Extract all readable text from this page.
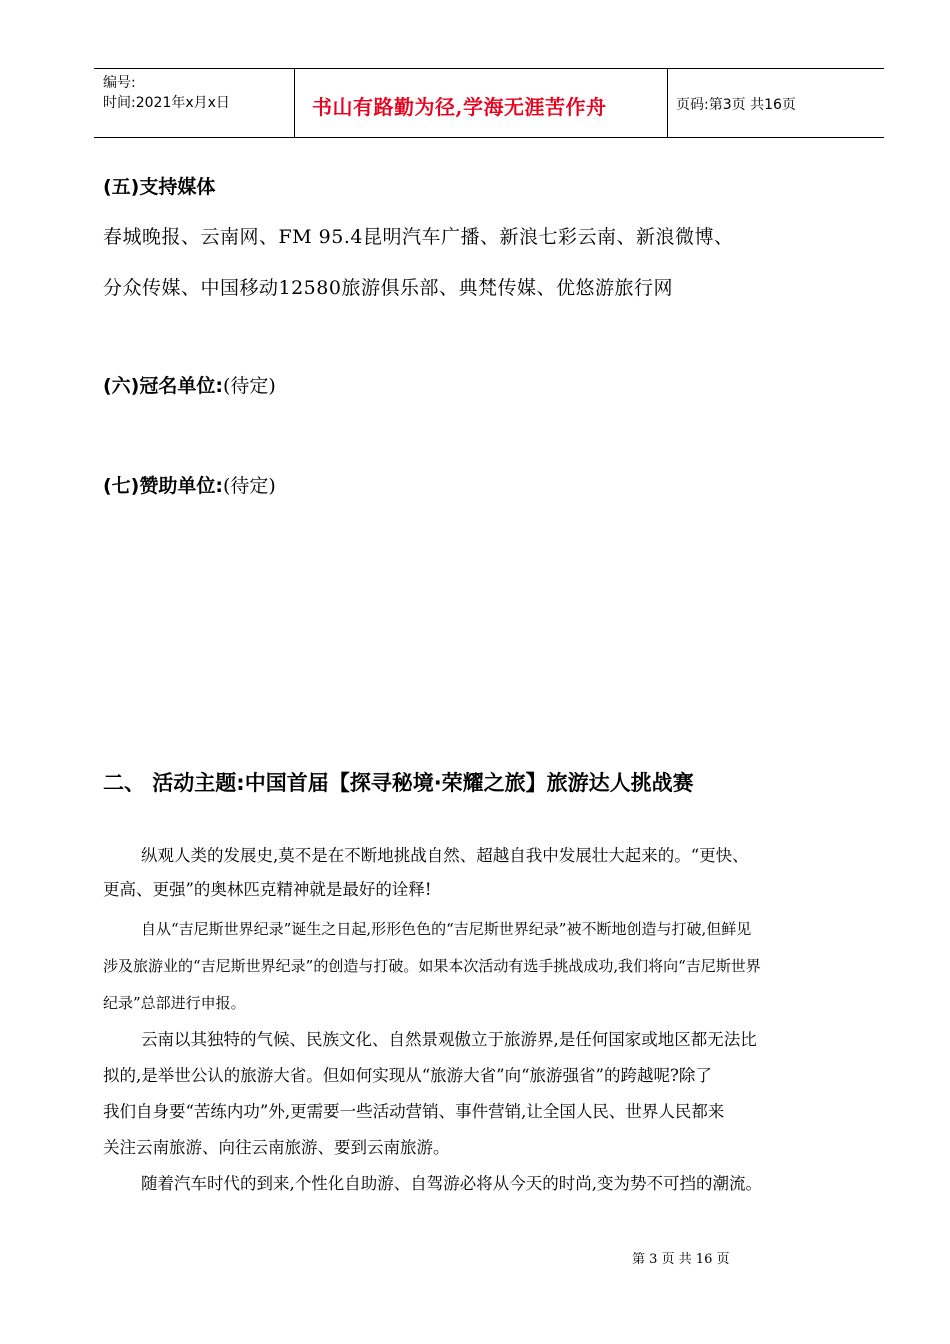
编号:
时间:2021年x月x日	书山有路勤为径,学海无涯苦作舟	页码:第3页 共16页
(五)支持媒体
春城晚报、云南网、FM 95.4昆明汽车广播、新浪七彩云南、新浪微博、
分众传媒、中国移动12580旅游俱乐部、典梵传媒、优悠游旅行网
(六)冠名单位:(待定)
(七)赞助单位:(待定)
二、 活动主题:中国首届【探寻秘境·荣耀之旅】旅游达人挑战赛
纵观人类的发展史,莫不是在不断地挑战自然、超越自我中发展壮大起来的。“更快、
更高、更强”的奥林匹克精神就是最好的诠释!
自从“吉尼斯世界纪录”诞生之日起,形形色色的“吉尼斯世界纪录”被不断地创造与打破,但鲜见
涉及旅游业的“吉尼斯世界纪录”的创造与打破。如果本次活动有选手挑战成功,我们将向“吉尼斯世界
纪录”总部进行申报。
云南以其独特的气候、民族文化、自然景观傲立于旅游界,是任何国家或地区都无法比
拟的,是举世公认的旅游大省。但如何实现从“旅游大省”向“旅游强省”的跨越呢?除了
我们自身要“苦练内功”外,更需要一些活动营销、事件营销,让全国人民、世界人民都来
关注云南旅游、向往云南旅游、要到云南旅游。
随着汽车时代的到来,个性化自助游、自驾游必将从今天的时尚,变为势不可挡的潮流。
第 3 页 共 16 页
